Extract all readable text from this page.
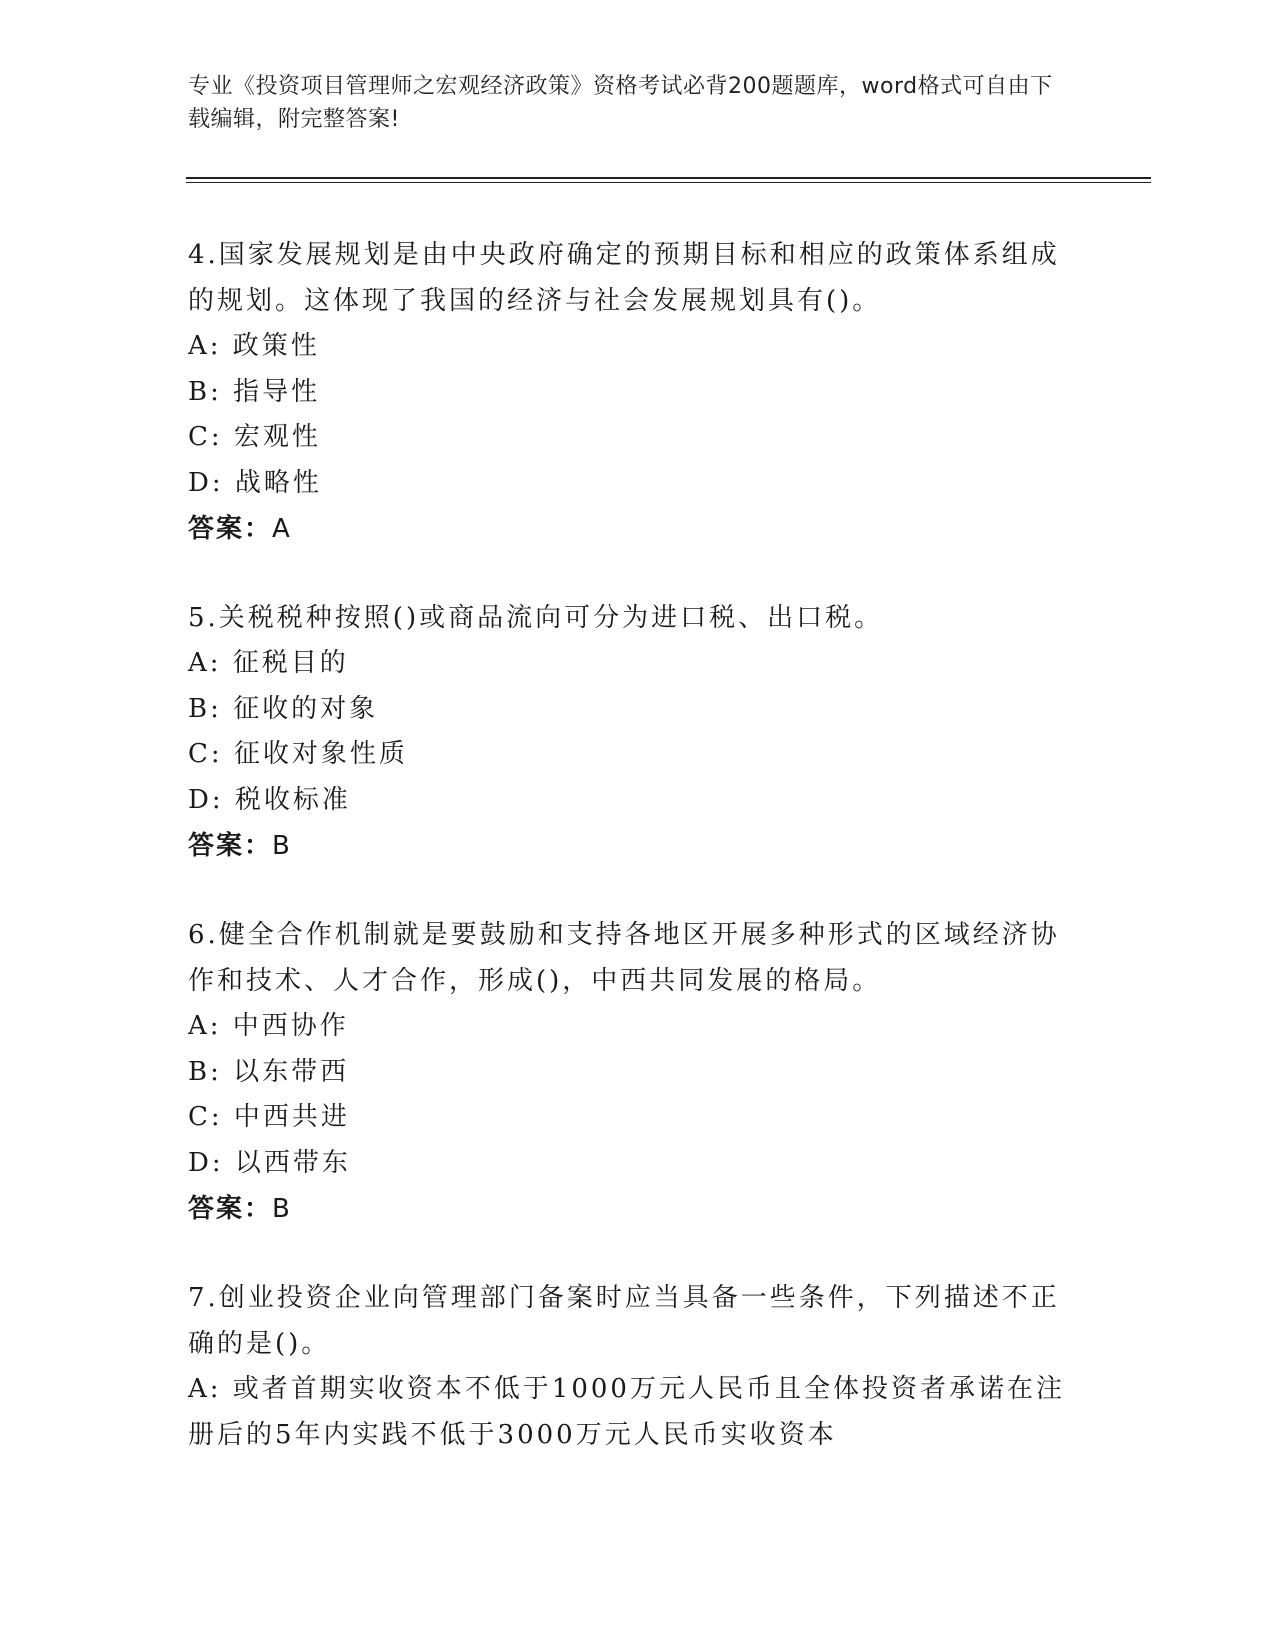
专业《投资项目管理师之宏观经济政策》资格考试必背200题题库，word格式可自由下载编辑，附完整答案!
4.国家发展规划是由中央政府确定的预期目标和相应的政策体系组成的规划。这体现了我国的经济与社会发展规划具有()。
A: 政策性
B: 指导性
C: 宏观性
D: 战略性
答案：A
5.关税税种按照()或商品流向可分为进口税、出口税。
A: 征税目的
B: 征收的对象
C: 征收对象性质
D: 税收标准
答案：B
6.健全合作机制就是要鼓励和支持各地区开展多种形式的区域经济协作和技术、人才合作，形成()，中西共同发展的格局。
A: 中西协作
B: 以东带西
C: 中西共进
D: 以西带东
答案：B
7.创业投资企业向管理部门备案时应当具备一些条件，下列描述不正确的是()。
A: 或者首期实收资本不低于1000万元人民币且全体投资者承诺在注册后的5年内实践不低于3000万元人民币实收资本
